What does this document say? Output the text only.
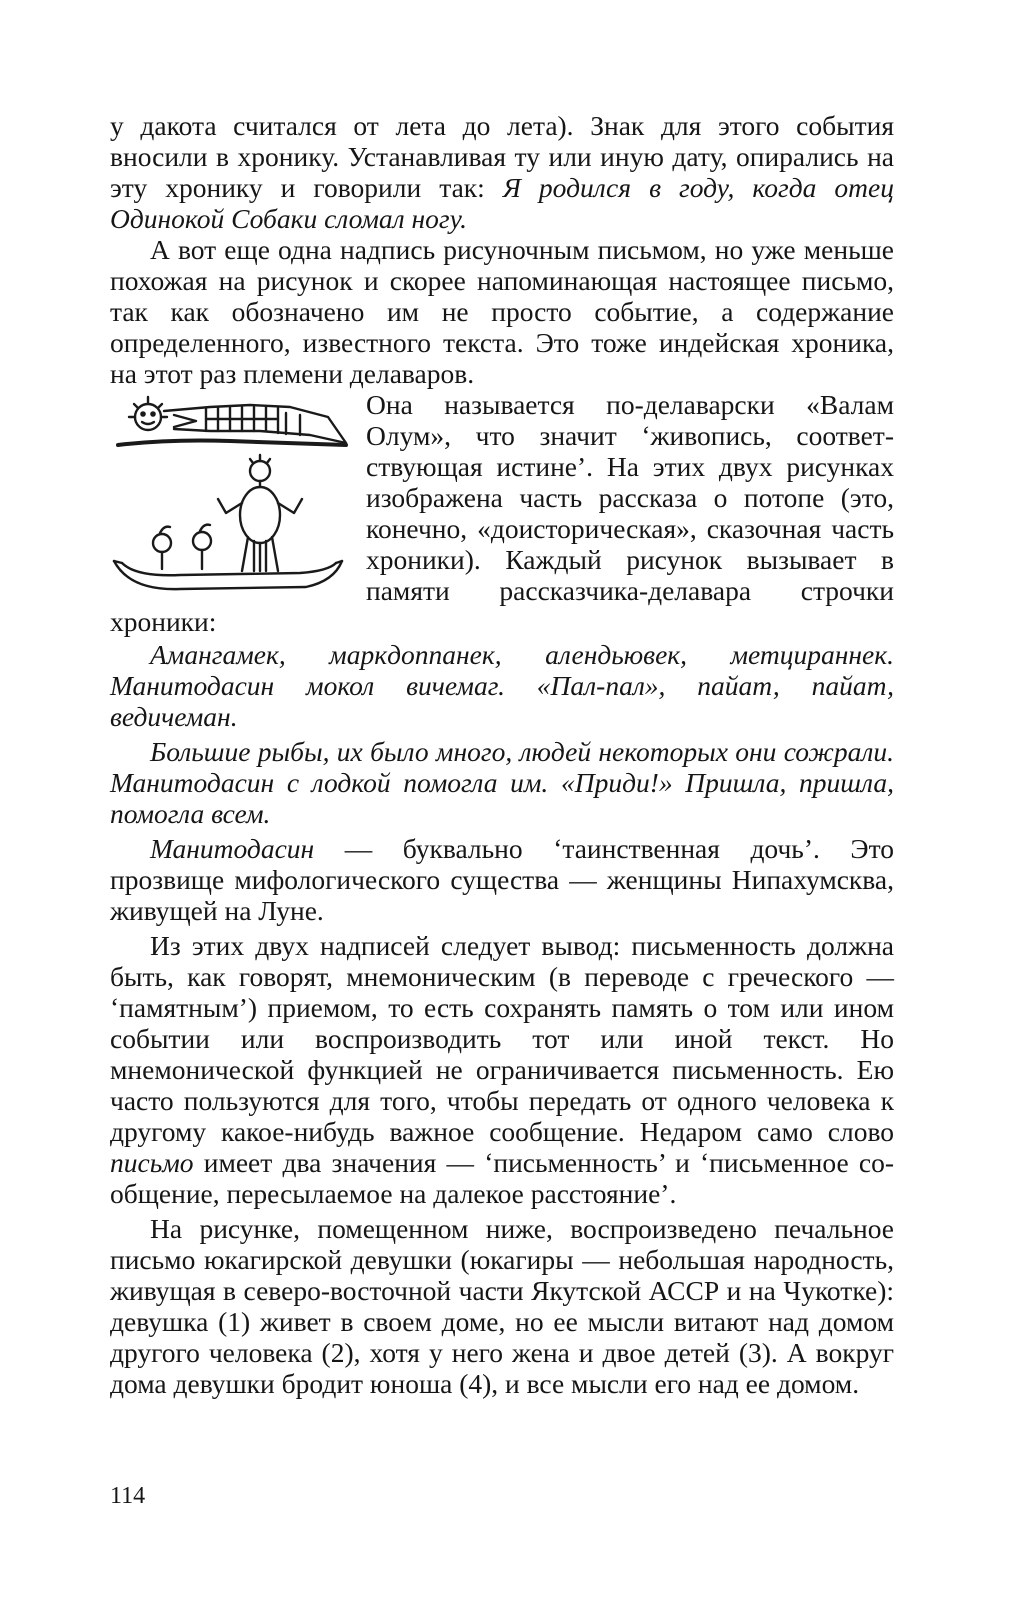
у дакота считался от лета до лета). Знак для этого события вносили в хронику. Устанавливая ту или иную дату, опирались на эту хронику и говорили так: Я родился в году, когда отец Одинокой Собаки сломал ногу.

А вот еще одна надпись рисуночным письмом, но уже меньше похожая на рисунок и скорее напоминающая настоящее письмо, так как обозначено им не просто событие, а содержание определенного, известного текста. Это тоже индейская хроника, на этот раз племени делаваров.

Она называется по-делаварски «Валам Олум», что значит ‘живопись, соответствующая истине’. На этих двух рисунках изображена часть рассказа о потопе (это, конечно, «доисторическая», сказочная часть хроники). Каждый рисунок вызывает в памяти рассказчика-делавара строчки хроники:

Амангамек, маркдоппанек, алендьювек, метцираннек. Манитодасин мокол вичемаг. «Пал-пал», пайат, пайат, ведичеман.

Большие рыбы, их было много, людей некоторых они сожрали. Манитодасин с лодкой помогла им. «Приди!» Пришла, пришла, помогла всем.

Манитодасин — буквально ‘таинственная дочь’. Это прозвище мифологического существа — женщины Нипахумсква, живущей на Луне.

Из этих двух надписей следует вывод: письменность должна быть, как говорят, мнемоническим (в переводе с греческого — ‘памятным’) приемом, то есть сохранять память о том или ином событии или воспроизводить тот или иной текст. Но мнемонической функцией не ограничивается письменность. Ею часто пользуются для того, чтобы передать от одного человека к другому какое-нибудь важное сообщение. Недаром само слово письмо имеет два значения — ‘письменность’ и ‘письменное сообщение, пересылаемое на далекое расстояние’.

На рисунке, помещенном ниже, воспроизведено печальное письмо юкагирской девушки (юкагиры — небольшая народность, живущая в северо-восточной части Якутской АССР и на Чукотке): девушка (1) живет в своем доме, но ее мысли витают над домом другого человека (2), хотя у него жена и двое детей (3). А вокруг дома девушки бродит юноша (4), и все мысли его над ее домом.

114
